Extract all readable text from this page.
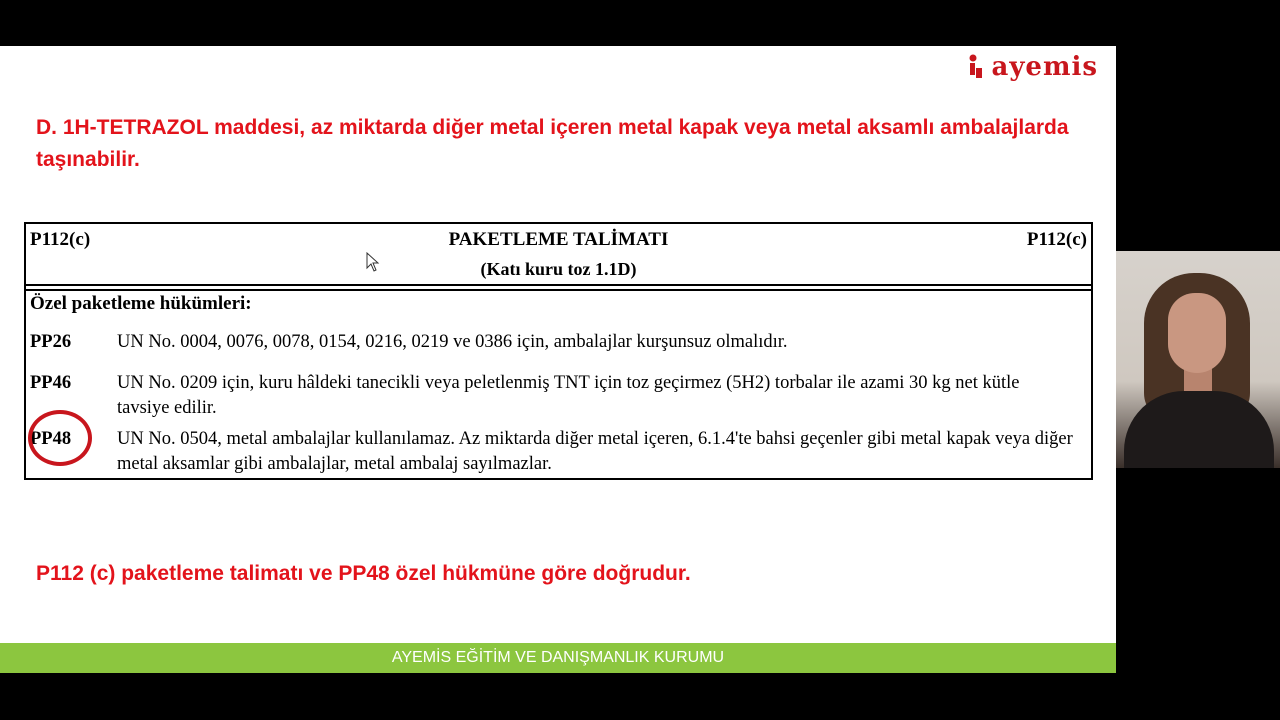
ayemis
D. 1H-TETRAZOL maddesi, az miktarda diğer metal içeren metal kapak veya metal aksamlı ambalajlarda taşınabilir.
P112(c)	PAKETLEME TALİMATI
(Katı kuru toz 1.1D)
P112(c)
Özel paketleme hükümleri:
PP26	UN No. 0004, 0076, 0078, 0154, 0216, 0219 ve 0386 için, ambalajlar kurşunsuz olmalıdır.
PP46	UN No. 0209 için, kuru hâldeki tanecikli veya peletlenmiş TNT için toz geçirmez (5H2) torbalar ile azami 30 kg net kütle tavsiye edilir.
PP48	UN No. 0504, metal ambalajlar kullanılamaz. Az miktarda diğer metal içeren, 6.1.4'te bahsi geçenler gibi metal kapak veya diğer metal aksamlar gibi ambalajlar, metal ambalaj sayılmazlar.
P112 (c) paketleme talimatı ve PP48 özel hükmüne göre doğrudur.
AYEMİS EĞİTİM VE DANIŞMANLIK KURUMU
